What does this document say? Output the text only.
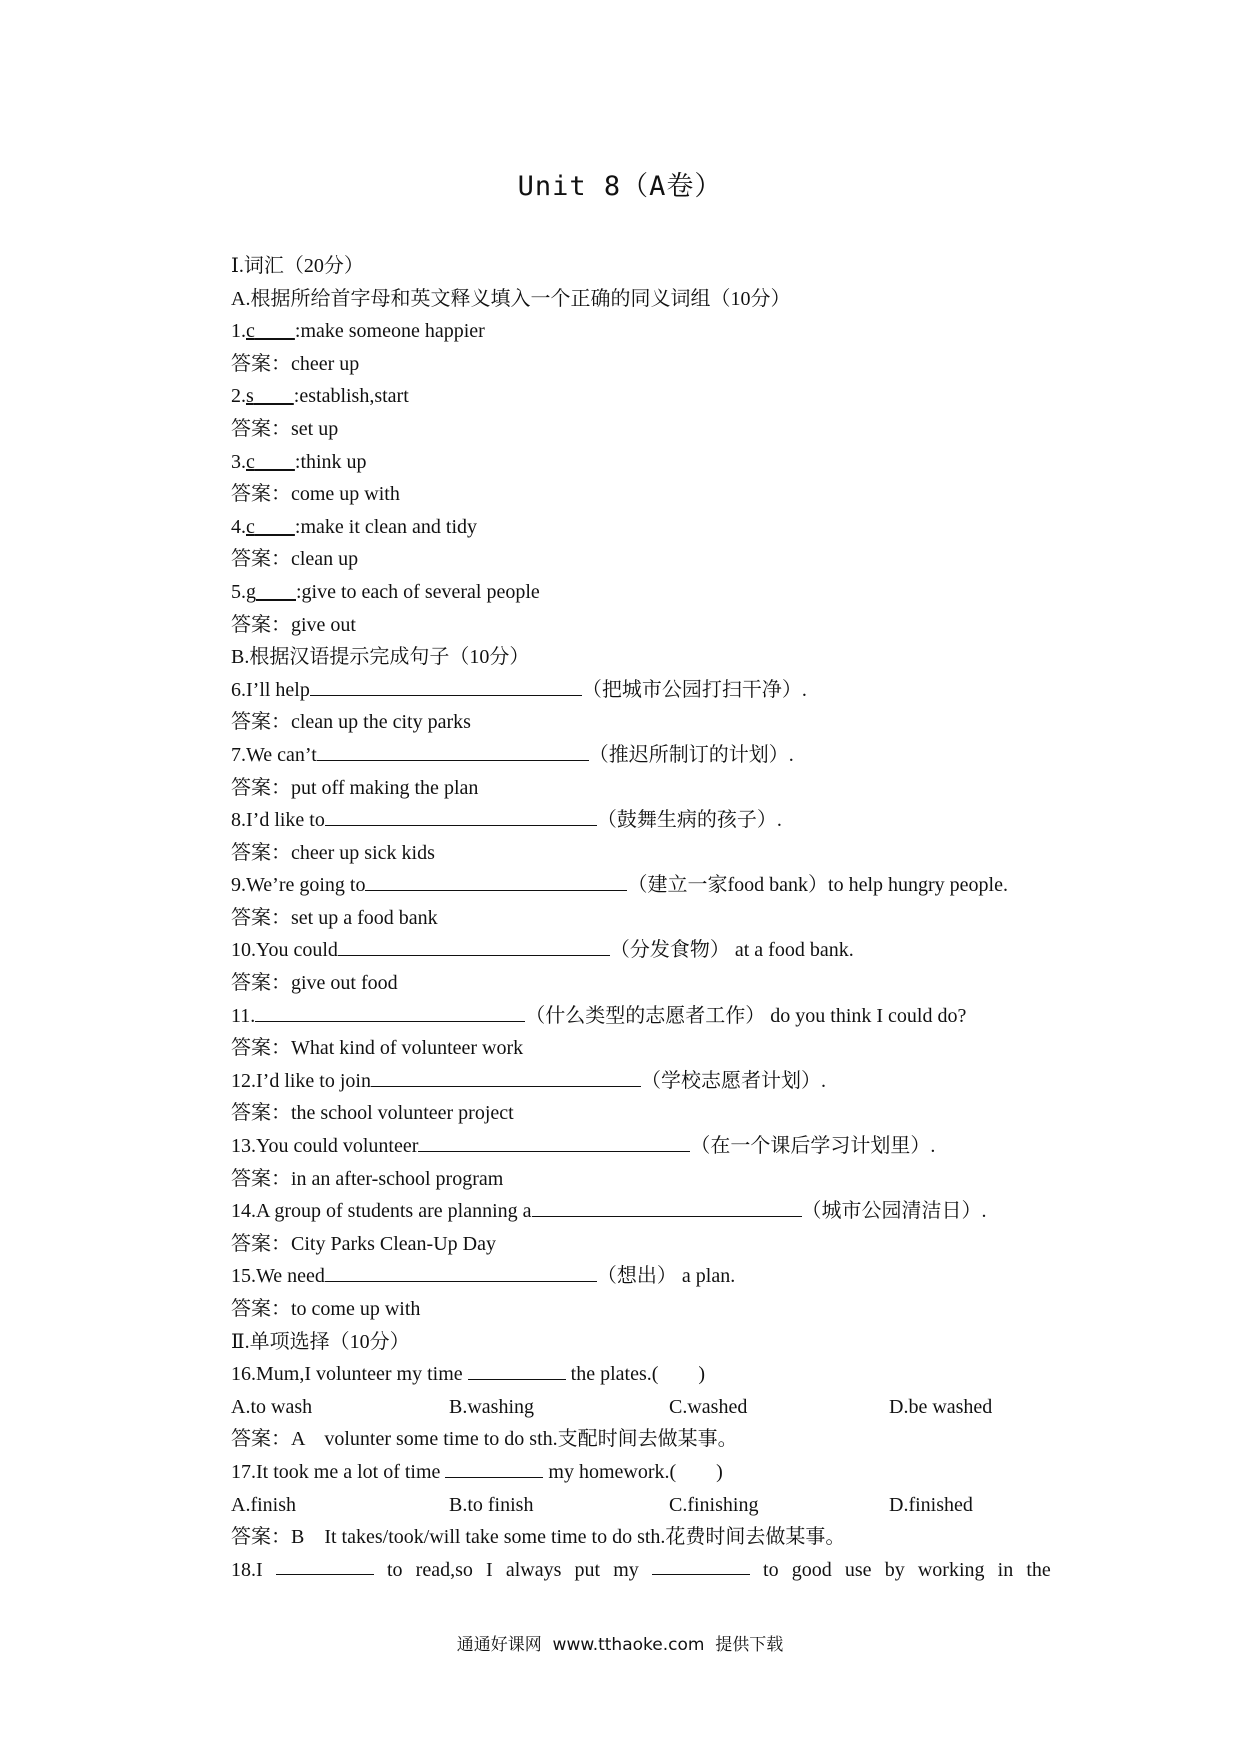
Unit 8（A卷）
Ⅰ.词汇（20分）
A.根据所给首字母和英文释义填入一个正确的同义词组（10分）
1.c :make someone happier
答案：cheer up
2.s :establish,start
答案：set up
3.c :think up
答案：come up with
4.c :make it clean and tidy
答案：clean up
5.g :give to each of several people
答案：give out
B.根据汉语提示完成句子（10分）
6.I’ll help	（把城市公园打扫干净）.
答案：clean up the city parks
7.We can’t	（推迟所制订的计划）.
答案：put off making the plan
8.I’d like to	（鼓舞生病的孩子）.
答案：cheer up sick kids
9.We’re going to	（建立一家food bank）to help hungry people.
答案：set up a food bank
10.You could	（分发食物） at a food bank.
答案：give out food
11.	（什么类型的志愿者工作） do you think I could do?
答案：What kind of volunteer work
12.I’d like to join	（学校志愿者计划）.
答案：the school volunteer project
13.You could volunteer	（在一个课后学习计划里）.
答案：in an after-school program
14.A group of students are planning a	（城市公园清洁日）.
答案：City Parks Clean-Up Day
15.We need	（想出） a plan.
答案：to come up with
Ⅱ.单项选择（10分）
16.Mum,I volunteer my time	the plates.(　　)
A.to wash	B.washing	C.washed	D.be washed
答案：A　volunter some time to do sth.支配时间去做某事。
17.It took me a lot of time	my homework.(　　)
A.finish	B.to finish	C.finishing	D.finished
答案：B　It takes/took/will take some time to do sth.花费时间去做某事。
18.I	to read,so I always put my	to good use by working in the
通通好课网  www.tthaoke.com  提供下载
